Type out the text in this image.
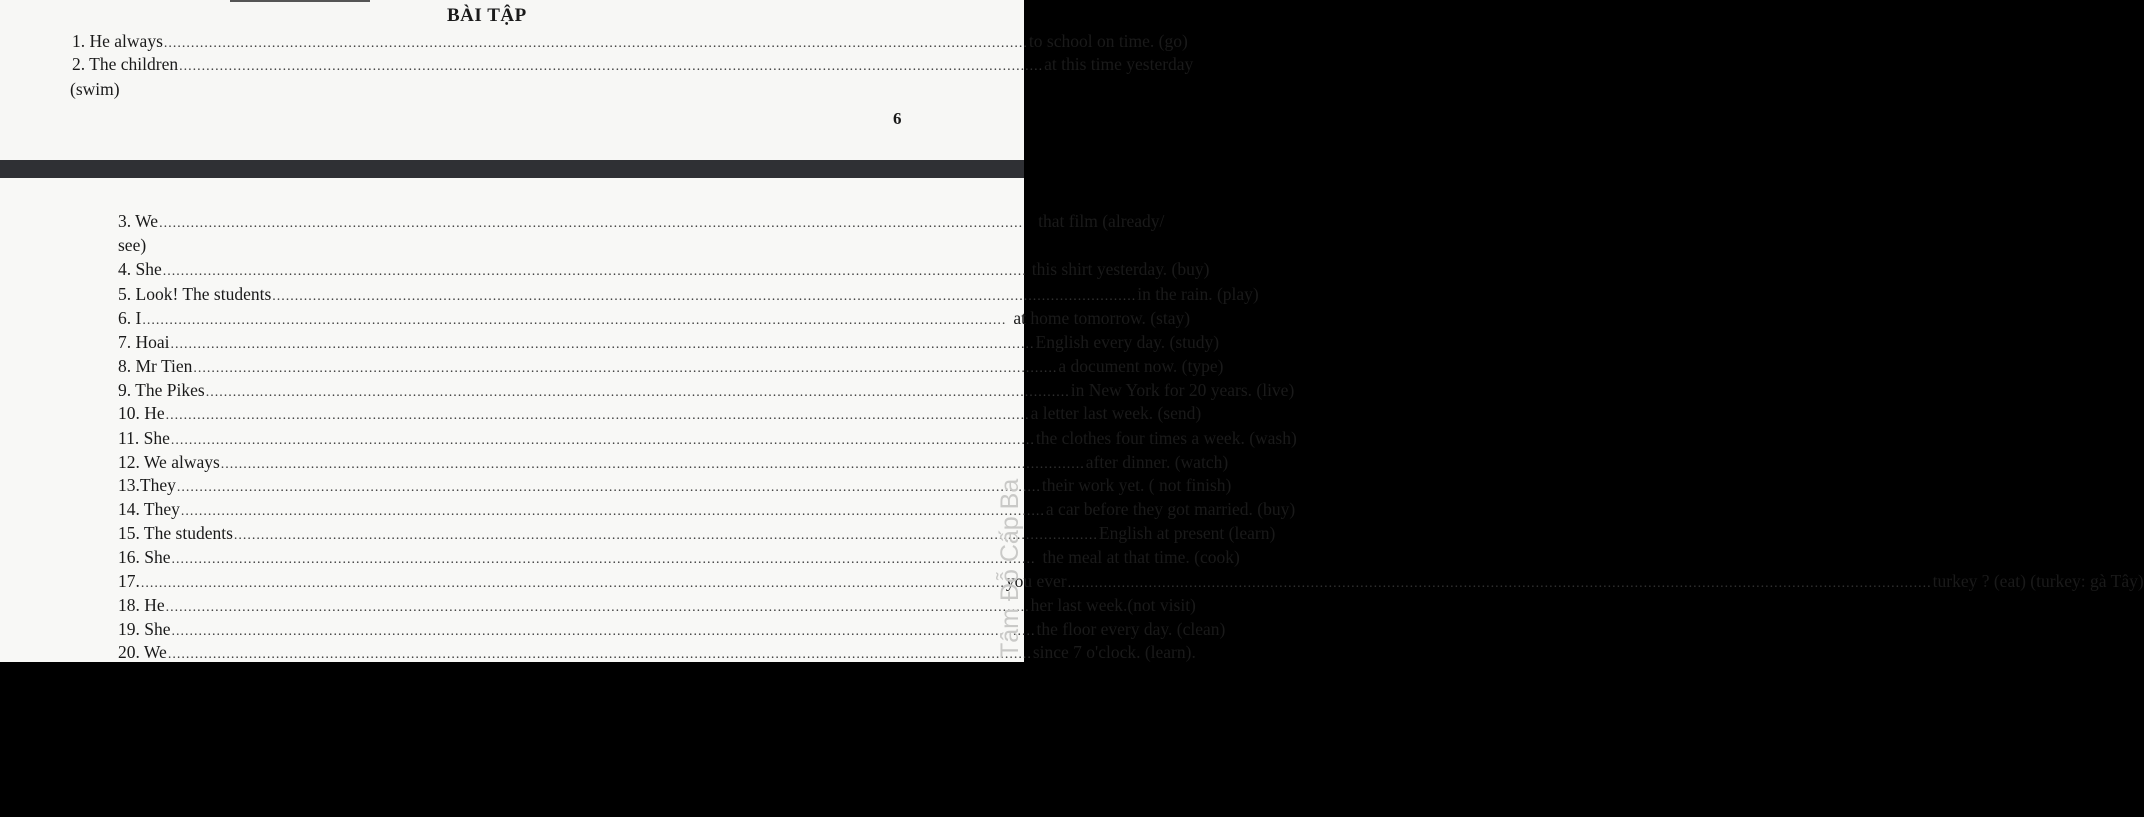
BÀI TẬP
1. He always ................................................................................................................................................................................................ to school on time. (go)
2. The children ................................................................................................................................................................................................ at this time yesterday
(swim)
6
3. We ................................................................................................................................................................................................ that film (already/
see)
4. She ................................................................................................................................................................................................ this shirt yesterday. (buy)
5. Look! The students ................................................................................................................................................................................................ in the rain. (play)
6. I ................................................................................................................................................................................................ at home tomorrow. (stay)
7. Hoai ................................................................................................................................................................................................ English every day. (study)
8. Mr Tien ................................................................................................................................................................................................ a document now. (type)
9. The Pikes ................................................................................................................................................................................................ in New York for 20 years. (live)
10. He ................................................................................................................................................................................................ a letter last week. (send)
11. She ................................................................................................................................................................................................ the clothes four times a week. (wash)
12. We always ................................................................................................................................................................................................ after dinner. (watch)
13.They ................................................................................................................................................................................................ their work yet. ( not finish)
14. They ................................................................................................................................................................................................ a car before they got married. (buy)
15. The students ................................................................................................................................................................................................ English at present (learn)
16. She ................................................................................................................................................................................................ the meal at that time. (cook)
17. ................................................................................................................................................................................................ you ever ................................................................................................................................................................................................ turkey ? (eat) (turkey: gà Tây)
18. He ................................................................................................................................................................................................ her last week.(not visit)
19. She ................................................................................................................................................................................................ the floor every day. (clean)
20. We ................................................................................................................................................................................................ since 7 o'clock. (learn).
Tâm Đỗ Cấp Ba
